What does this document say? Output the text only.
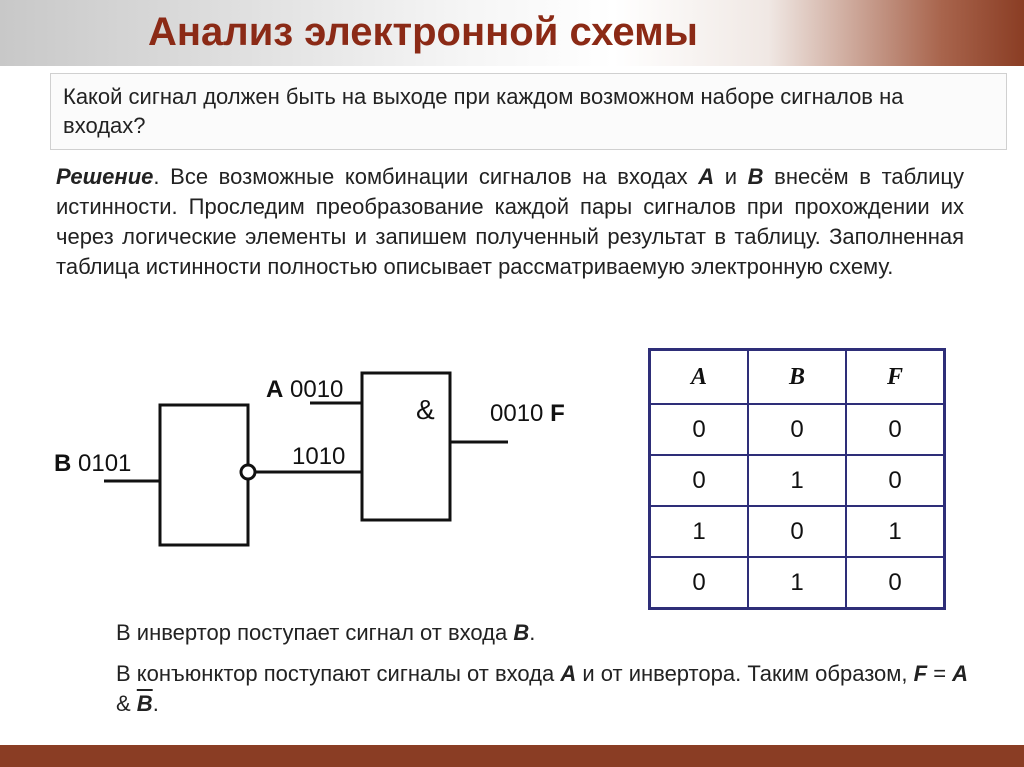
Анализ электронной схемы
Какой сигнал должен быть на выходе при каждом возможном наборе сигналов на входах?
Решение. Все возможные комбинации сигналов на входах A и B внесём в таблицу истинности. Проследим преобразование каждой пары сигналов при прохождении их через логические элементы и запишем полученный результат в таблицу. Заполненная таблица истинности полностью описывает рассматриваемую электронную схему.
A 0010
B 0101	1010
& 0010 F
A	B	F
0	0	0
0	1	0
1	0	1
0	1	0
В инвертор поступает сигнал от входа B.
В конъюнктор поступают сигналы от входа A и от инвертора. Таким образом, F = A & $\overline{B}$.
